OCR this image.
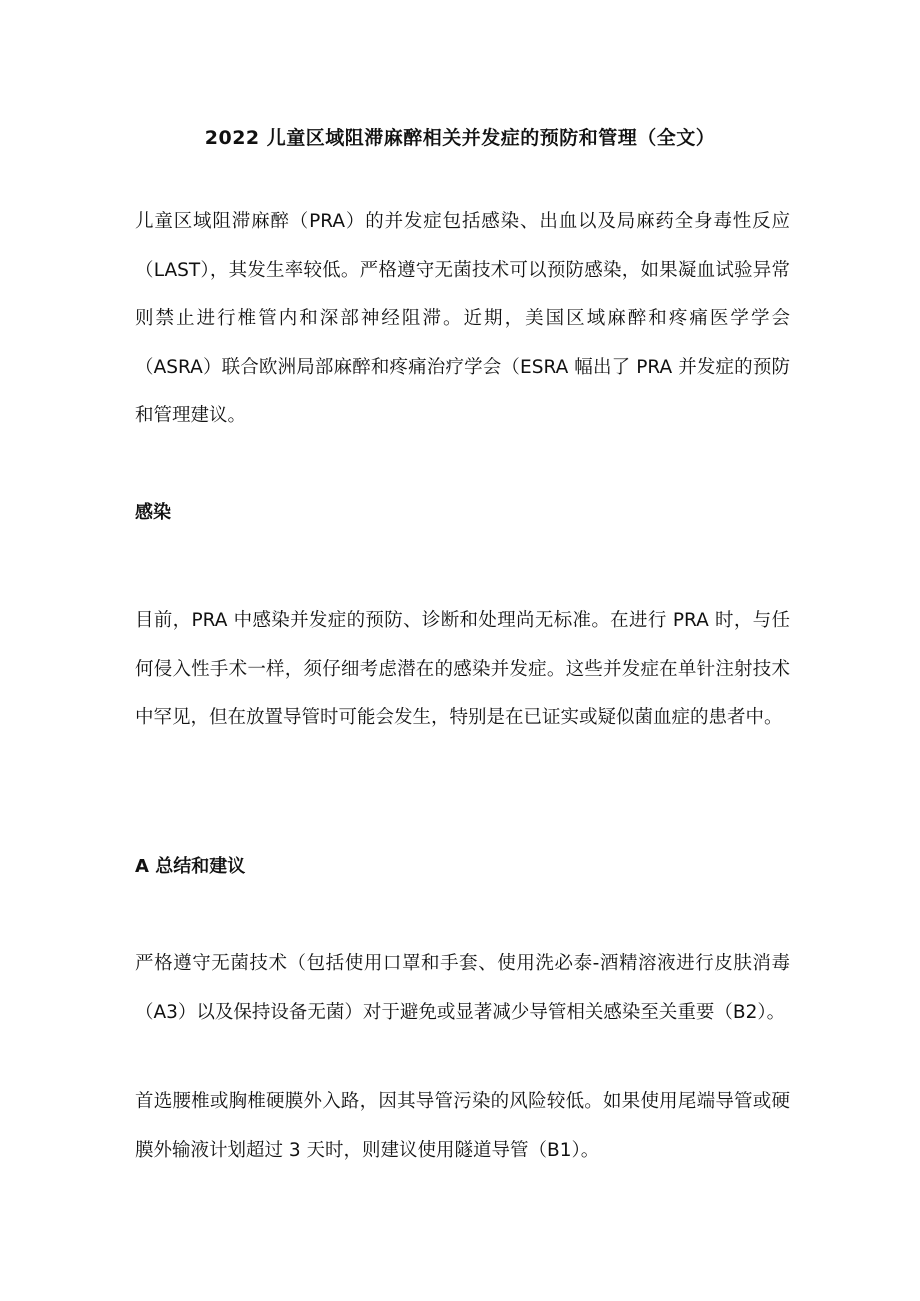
2022 儿童区域阻滞麻醉相关并发症的预防和管理（全文）

儿童区域阻滞麻醉（PRA）的并发症包括感染、出血以及局麻药全身毒性反应（LAST），其发生率较低。严格遵守无菌技术可以预防感染，如果凝血试验异常则禁止进行椎管内和深部神经阻滞。近期，美国区域麻醉和疼痛医学学会（ASRA）联合欧洲局部麻醉和疼痛治疗学会（ESRA 幅出了 PRA 并发症的预防和管理建议。

感染

目前，PRA 中感染并发症的预防、诊断和处理尚无标准。在进行 PRA 时，与任何侵入性手术一样，须仔细考虑潜在的感染并发症。这些并发症在单针注射技术中罕见，但在放置导管时可能会发生，特别是在已证实或疑似菌血症的患者中。

A 总结和建议

严格遵守无菌技术（包括使用口罩和手套、使用洗必泰-酒精溶液进行皮肤消毒（A3）以及保持设备无菌）对于避免或显著减少导管相关感染至关重要（B2）。

首选腰椎或胸椎硬膜外入路，因其导管污染的风险较低。如果使用尾端导管或硬膜外输液计划超过 3 天时，则建议使用隧道导管（B1）。
